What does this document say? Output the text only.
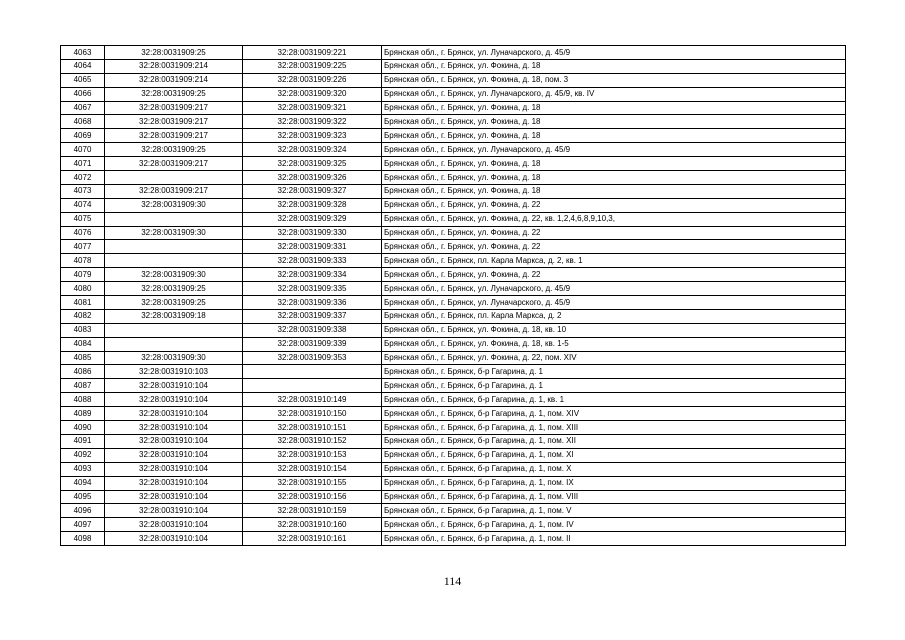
4063	32:28:0031909:25	32:28:0031909:221	Брянская обл., г. Брянск, ул. Луначарского, д. 45/9
4064	32:28:0031909:214	32:28:0031909:225	Брянская обл., г. Брянск, ул. Фокина, д. 18
4065	32:28:0031909:214	32:28:0031909:226	Брянская обл., г. Брянск, ул. Фокина, д. 18, пом. 3
4066	32:28:0031909:25	32:28:0031909:320	Брянская обл., г. Брянск, ул. Луначарского, д. 45/9, кв. IV
4067	32:28:0031909:217	32:28:0031909:321	Брянская обл., г. Брянск, ул. Фокина, д. 18
4068	32:28:0031909:217	32:28:0031909:322	Брянская обл., г. Брянск, ул. Фокина, д. 18
4069	32:28:0031909:217	32:28:0031909:323	Брянская обл., г. Брянск, ул. Фокина, д. 18
4070	32:28:0031909:25	32:28:0031909:324	Брянская обл., г. Брянск, ул. Луначарского, д. 45/9
4071	32:28:0031909:217	32:28:0031909:325	Брянская обл., г. Брянск, ул. Фокина, д. 18
4072		32:28:0031909:326	Брянская обл., г. Брянск, ул. Фокина, д. 18
4073	32:28:0031909:217	32:28:0031909:327	Брянская обл., г. Брянск, ул. Фокина, д. 18
4074	32:28:0031909:30	32:28:0031909:328	Брянская обл., г. Брянск, ул. Фокина, д. 22
4075		32:28:0031909:329	Брянская обл., г. Брянск, ул. Фокина, д. 22, кв. 1,2,4,6,8,9,10,3,
4076	32:28:0031909:30	32:28:0031909:330	Брянская обл., г. Брянск, ул. Фокина, д. 22
4077		32:28:0031909:331	Брянская обл., г. Брянск, ул. Фокина, д. 22
4078		32:28:0031909:333	Брянская обл., г. Брянск, пл. Карла Маркса, д. 2, кв. 1
4079	32:28:0031909:30	32:28:0031909:334	Брянская обл., г. Брянск, ул. Фокина, д. 22
4080	32:28:0031909:25	32:28:0031909:335	Брянская обл., г. Брянск, ул. Луначарского, д. 45/9
4081	32:28:0031909:25	32:28:0031909:336	Брянская обл., г. Брянск, ул. Луначарского, д. 45/9
4082	32:28:0031909:18	32:28:0031909:337	Брянская обл., г. Брянск, пл. Карла Маркса, д. 2
4083		32:28:0031909:338	Брянская обл., г. Брянск, ул. Фокина, д. 18, кв. 10
4084		32:28:0031909:339	Брянская обл., г. Брянск, ул. Фокина, д. 18, кв. 1-5
4085	32:28:0031909:30	32:28:0031909:353	Брянская обл., г. Брянск, ул. Фокина, д. 22, пом. XIV
4086	32:28:0031910:103		Брянская обл., г. Брянск, б-р Гагарина, д. 1
4087	32:28:0031910:104		Брянская обл., г. Брянск, б-р Гагарина, д. 1
4088	32:28:0031910:104	32:28:0031910:149	Брянская обл., г. Брянск, б-р Гагарина, д. 1, кв. 1
4089	32:28:0031910:104	32:28:0031910:150	Брянская обл., г. Брянск, б-р Гагарина, д. 1, пом. XIV
4090	32:28:0031910:104	32:28:0031910:151	Брянская обл., г. Брянск, б-р Гагарина, д. 1, пом. XIII
4091	32:28:0031910:104	32:28:0031910:152	Брянская обл., г. Брянск, б-р Гагарина, д. 1, пом. XII
4092	32:28:0031910:104	32:28:0031910:153	Брянская обл., г. Брянск, б-р Гагарина, д. 1, пом. XI
4093	32:28:0031910:104	32:28:0031910:154	Брянская обл., г. Брянск, б-р Гагарина, д. 1, пом. X
4094	32:28:0031910:104	32:28:0031910:155	Брянская обл., г. Брянск, б-р Гагарина, д. 1, пом. IX
4095	32:28:0031910:104	32:28:0031910:156	Брянская обл., г. Брянск, б-р Гагарина, д. 1, пом. VIII
4096	32:28:0031910:104	32:28:0031910:159	Брянская обл., г. Брянск, б-р Гагарина, д. 1, пом. V
4097	32:28:0031910:104	32:28:0031910:160	Брянская обл., г. Брянск, б-р Гагарина, д. 1, пом. IV
4098	32:28:0031910:104	32:28:0031910:161	Брянская обл., г. Брянск, б-р Гагарина, д. 1, пом. II
114
